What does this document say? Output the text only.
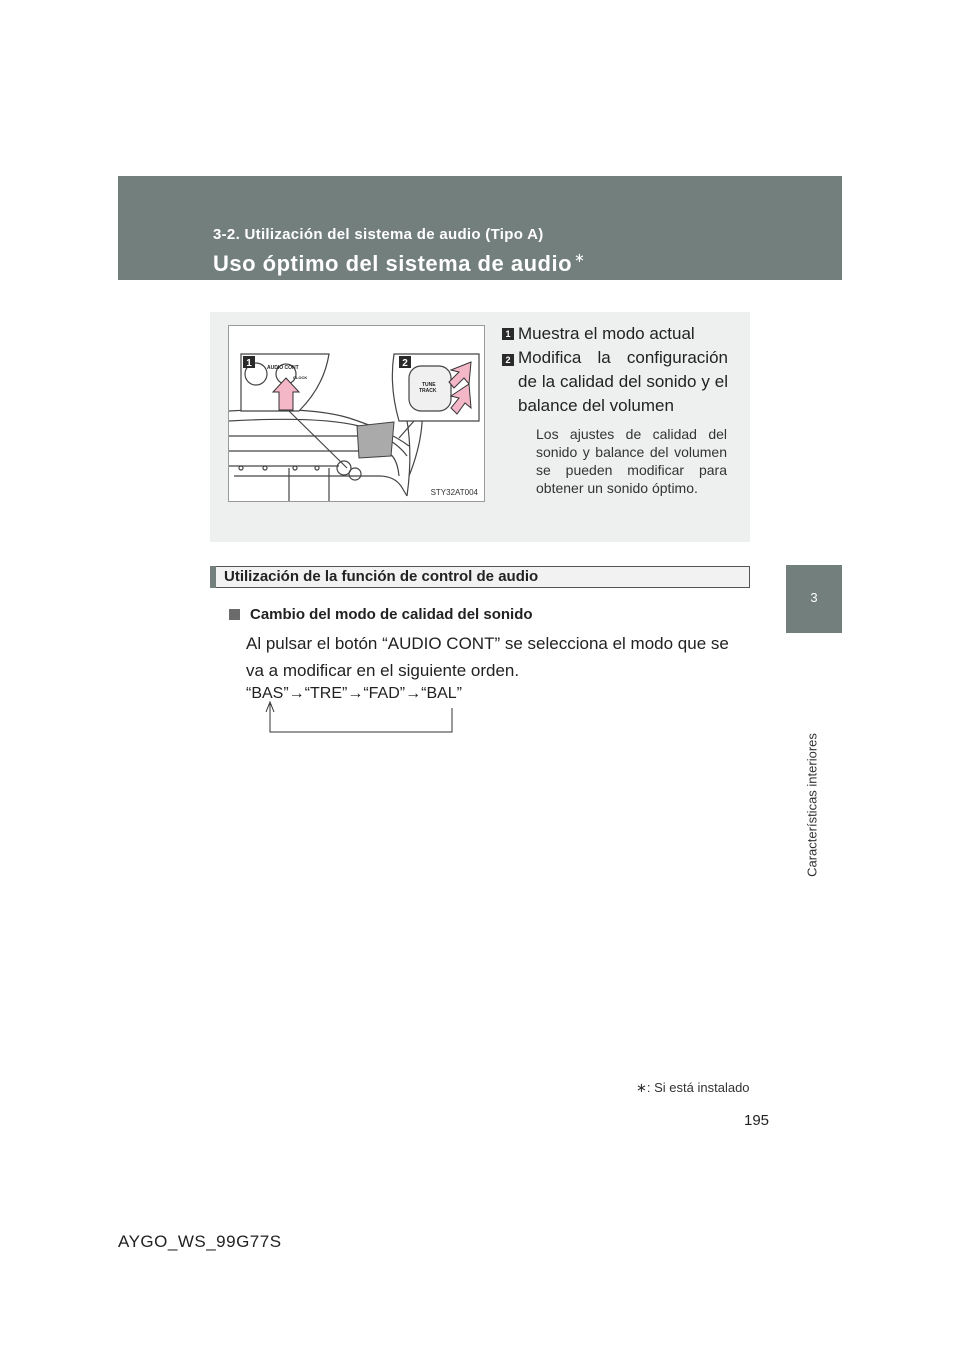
3-2. Utilización del sistema de audio (Tipo A)
Uso óptimo del sistema de audio ∗
3
Características interiores
1	2
AUDIO CONT
CLOCK
TUNE
TRACK
STY32AT004
1 Muestra el modo actual
2 Modifica la configuración de la calidad del sonido y el balance del volumen
Los ajustes de calidad del sonido y balance del volumen se pueden modificar para obtener un sonido óptimo.
Utilización de la función de control de audio
Cambio del modo de calidad del sonido
Al pulsar el botón “AUDIO CONT” se selecciona el modo que se va a modificar en el siguiente orden.
“BAS”→“TRE”→“FAD”→“BAL”
∗: Si está instalado
195
AYGO_WS_99G77S
